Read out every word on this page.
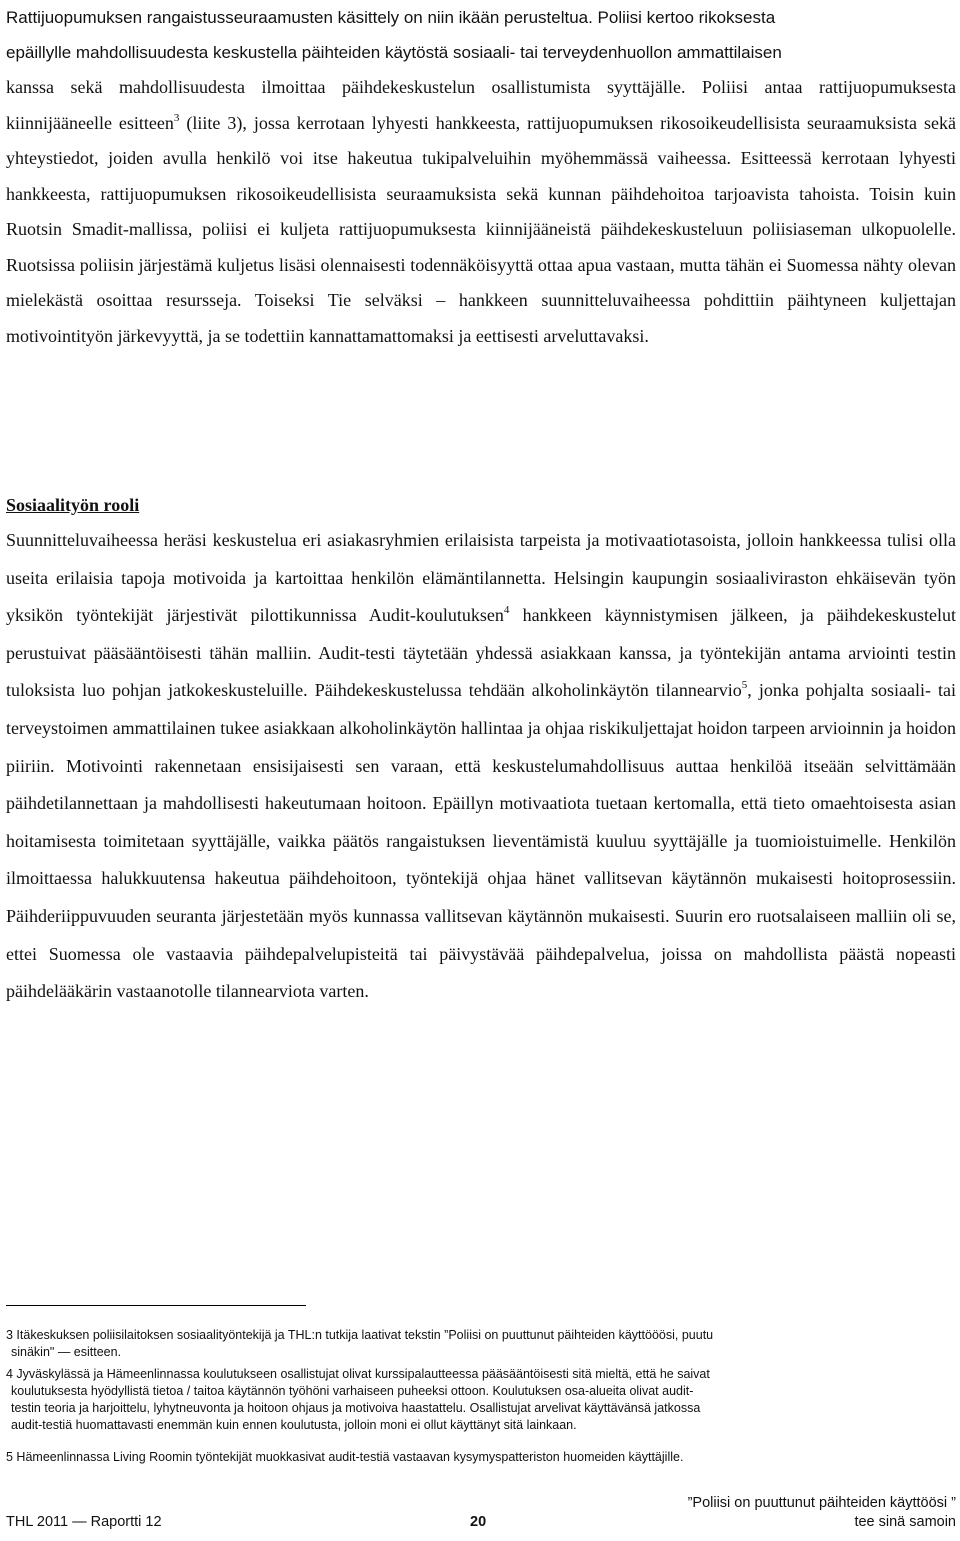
Rattijuopumuksen rangaistusseuraamusten käsittely on niin ikään perusteltua. Poliisi kertoo rikoksesta
epäillylle mahdollisuudesta keskustella päihteiden käytöstä sosiaali- tai terveydenhuollon ammattilaisen

kanssa sekä mahdollisuudesta ilmoittaa päihdekeskustelun osallistumista syyttäjälle. Poliisi antaa rattijuopumuksesta kiinnijääneelle esitteen$^3$ (liite 3), jossa kerrotaan lyhyesti hankkeesta, rattijuopumuksen rikosoikeudellisista seuraamuksista sekä yhteystiedot, joiden avulla henkilö voi itse hakeutua tukipalveluihin myöhemmässä vaiheessa. Esitteessä kerrotaan lyhyesti hankkeesta, rattijuopumuksen rikosoikeudellisista seuraamuksista sekä kunnan päihdehoitoa tarjoavista tahoista. Toisin kuin Ruotsin Smadit-mallissa, poliisi ei kuljeta rattijuopumuksesta kiinnijääneistä päihdekeskusteluun poliisiaseman ulkopuolelle. Ruotsissa poliisin järjestämä kuljetus lisäsi olennaisesti todennäköisyyttä ottaa apua vastaan, mutta tähän ei Suomessa nähty olevan mielekästä osoittaa resursseja. Toiseksi Tie selväksi – hankkeen suunnitteluvaiheessa pohdittiin päihtyneen kuljettajan motivointityön järkevyyttä, ja se todettiin kannattamattomaksi ja eettisesti arveluttavaksi.

Sosiaalityön rooli

Suunnitteluvaiheessa heräsi keskustelua eri asiakasryhmien erilaisista tarpeista ja motivaatiotasoista, jolloin hankkeessa tulisi olla useita erilaisia tapoja motivoida ja kartoittaa henkilön elämäntilannetta. Helsingin kaupungin sosiaaliviraston ehkäisevän työn yksikön työntekijät järjestivät pilottikunnissa Audit-koulutuksen$^4$ hankkeen käynnistymisen jälkeen, ja päihdekeskustelut perustuivat pääsääntöisesti tähän malliin. Audit-testi täytetään yhdessä asiakkaan kanssa, ja työntekijän antama arviointi testin tuloksista luo pohjan jatkokeskusteluille. Päihdekeskustelussa tehdään alkoholinkäytön tilannearvio$^5$, jonka pohjalta sosiaali- tai terveystoimen ammattilainen tukee asiakkaan alkoholinkäytön hallintaa ja ohjaa riskikuljettajat hoidon tarpeen arvioinnin ja hoidon piiriin. Motivointi rakennetaan ensisijaisesti sen varaan, että keskustelumahdollisuus auttaa henkilöä itseään selvittämään päihdetilannettaan ja mahdollisesti hakeutumaan hoitoon. Epäillyn motivaatiota tuetaan kertomalla, että tieto omaehtoisesta asian hoitamisesta toimitetaan syyttäjälle, vaikka päätös rangaistuksen lieventämistä kuuluu syyttäjälle ja tuomioistuimelle. Henkilön ilmoittaessa halukkuutensa hakeutua päihdehoitoon, työntekijä ohjaa hänet vallitsevan käytännön mukaisesti hoitoprosessiin. Päihderiippuvuuden seuranta järjestetään myös kunnassa vallitsevan käytännön mukaisesti. Suurin ero ruotsalaiseen malliin oli se, ettei Suomessa ole vastaavia päihdepalvelupisteitä tai päivystävää päihdepalvelua, joissa on mahdollista päästä nopeasti päihdelääkärin vastaanotolle tilannearviota varten.

3 Itäkeskuksen poliisilaitoksen sosiaalityöntekijä ja THL:n tutkija laativat tekstin ”Poliisi on puuttunut päihteiden käyttööösi, puutu
sinäkin" — esitteen.

4 Jyväskylässä ja Hämeenlinnassa koulutukseen osallistujat olivat kurssipalautteessa pääsääntöisesti sitä mieltä, että he saivat
koulutuksesta hyödyllistä tietoa / taitoa käytännön työhöni varhaiseen puheeksi ottoon. Koulutuksen osa-alueita olivat audit-
testin teoria ja harjoittelu, lyhytneuvonta ja hoitoon ohjaus ja motivoiva haastattelu. Osallistujat arvelivat käyttävänsä jatkossa
audit-testiä huomattavasti enemmän kuin ennen koulutusta, jolloin moni ei ollut käyttänyt sitä lainkaan.

5 Hämeenlinnassa Living Roomin työntekijät muokkasivat audit-testiä vastaavan kysymyspatteriston huomeiden käyttäjille.

THL 2011 — Raportti 12	20
”Poliisi on puuttunut päihteiden käyttöösi ”
tee sinä samoin
